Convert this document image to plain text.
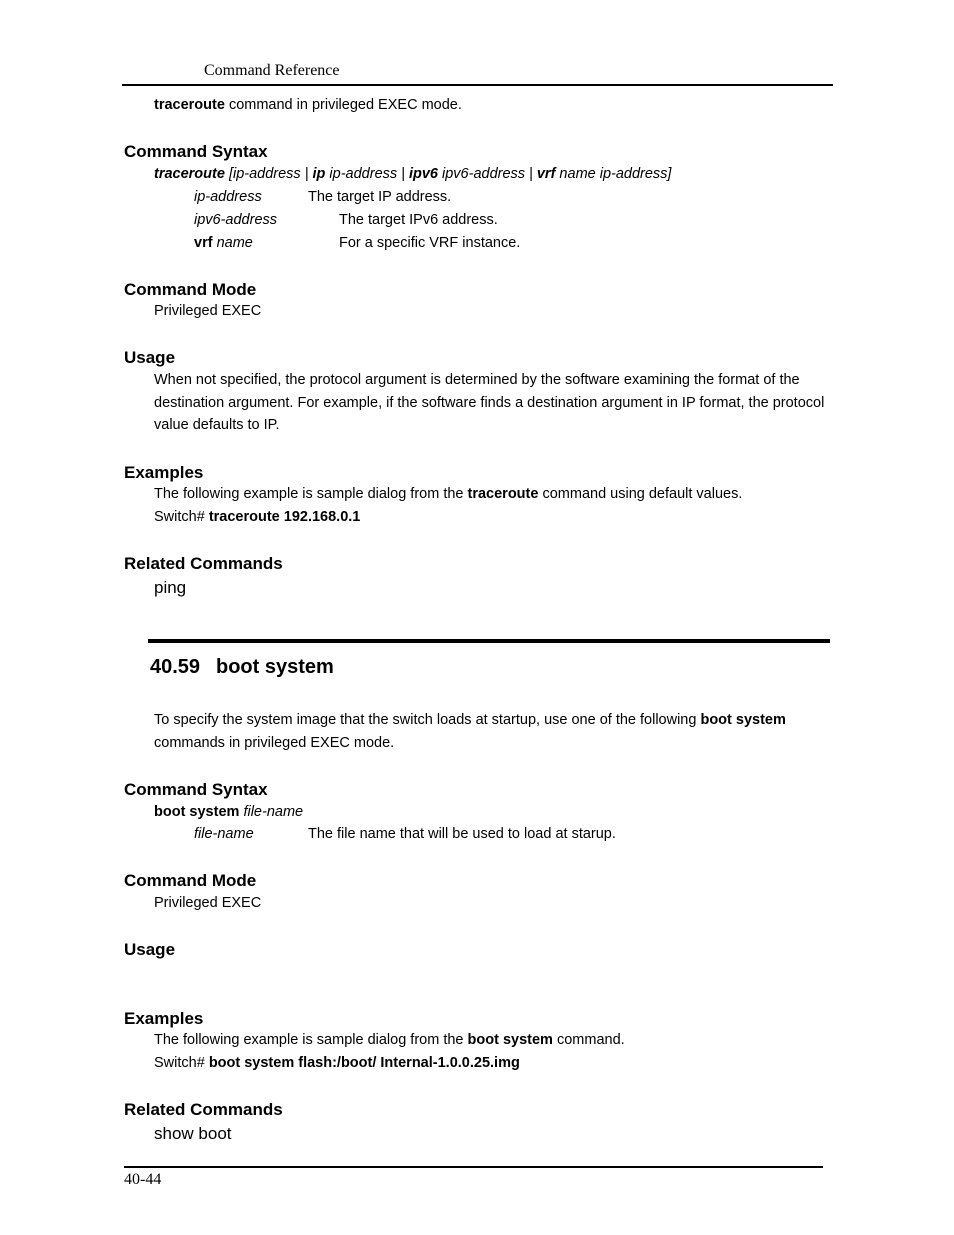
Command Reference
traceroute command in privileged EXEC mode.
Command Syntax
traceroute [ip-address | ip ip-address | ipv6 ipv6-address | vrf name ip-address]
ip-address	The target IP address.
ipv6-address	The target IPv6 address.
vrf name	For a specific VRF instance.
Command Mode
Privileged EXEC
Usage
When not specified, the protocol argument is determined by the software examining the format of the
destination argument. For example, if the software finds a destination argument in IP format, the protocol
value defaults to IP.
Examples
The following example is sample dialog from the traceroute command using default values.
Switch# traceroute 192.168.0.1
Related Commands
ping
40.59 boot system
To specify the system image that the switch loads at startup, use one of the following boot system
commands in privileged EXEC mode.
Command Syntax
boot system file-name
file-name	The file name that will be used to load at starup.
Command Mode
Privileged EXEC
Usage
Examples
The following example is sample dialog from the boot system command.
Switch# boot system flash:/boot/ Internal-1.0.0.25.img
Related Commands
show boot
40-44
